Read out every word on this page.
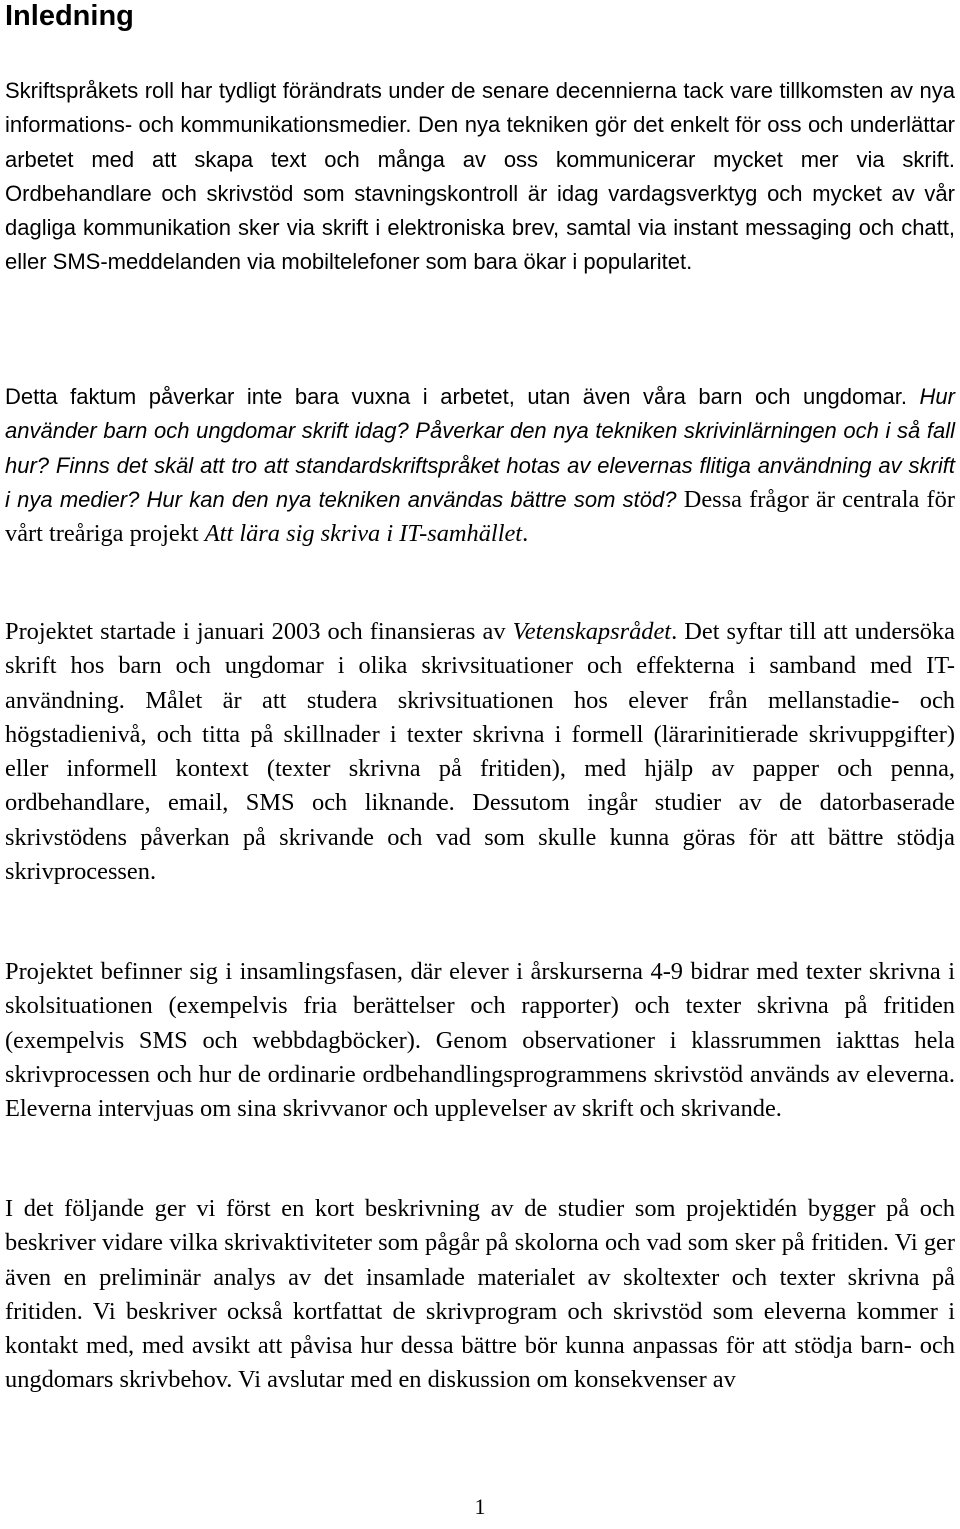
Inledning

Skriftspråkets roll har tydligt förändrats under de senare decennierna tack vare tillkomsten av nya informations- och kommunikationsmedier. Den nya tekniken gör det enkelt för oss och underlättar arbetet med att skapa text och många av oss kommunicerar mycket mer via skrift. Ordbehandlare och skrivstöd som stavningskontroll är idag vardagsverktyg och mycket av vår dagliga kommunikation sker via skrift i elektroniska brev, samtal via instant messaging och chatt, eller SMS-meddelanden via mobiltelefoner som bara ökar i popularitet.

Detta faktum påverkar inte bara vuxna i arbetet, utan även våra barn och ungdomar. Hur använder barn och ungdomar skrift idag? Påverkar den nya tekniken skrivinlärningen och i så fall hur? Finns det skäl att tro att standardskriftspråket hotas av elevernas flitiga användning av skrift i nya medier? Hur kan den nya tekniken användas bättre som stöd? Dessa frågor är centrala för vårt treåriga projekt Att lära sig skriva i IT-samhället.

Projektet startade i januari 2003 och finansieras av Vetenskapsrådet. Det syftar till att undersöka skrift hos barn och ungdomar i olika skrivsituationer och effekterna i samband med IT-användning. Målet är att studera skrivsituationen hos elever från mellanstadie- och högstadienivå, och titta på skillnader i texter skrivna i formell (lärarinitierade skrivuppgifter) eller informell kontext (texter skrivna på fritiden), med hjälp av papper och penna, ordbehandlare, email, SMS och liknande. Dessutom ingår studier av de datorbaserade skrivstödens påverkan på skrivande och vad som skulle kunna göras för att bättre stödja skrivprocessen.

Projektet befinner sig i insamlingsfasen, där elever i årskurserna 4-9 bidrar med texter skrivna i skolsituationen (exempelvis fria berättelser och rapporter) och texter skrivna på fritiden (exempelvis SMS och webbdagböcker). Genom observationer i klassrummen iakttas hela skrivprocessen och hur de ordinarie ordbehandlingsprogrammens skrivstöd används av eleverna. Eleverna intervjuas om sina skrivvanor och upplevelser av skrift och skrivande.

I det följande ger vi först en kort beskrivning av de studier som projektidén bygger på och beskriver vidare vilka skrivaktiviteter som pågår på skolorna och vad som sker på fritiden. Vi ger även en preliminär analys av det insamlade materialet av skoltexter och texter skrivna på fritiden. Vi beskriver också kortfattat de skrivprogram och skrivstöd som eleverna kommer i kontakt med, med avsikt att påvisa hur dessa bättre bör kunna anpassas för att stödja barn- och ungdomars skrivbehov. Vi avslutar med en diskussion om konsekvenser av

1
